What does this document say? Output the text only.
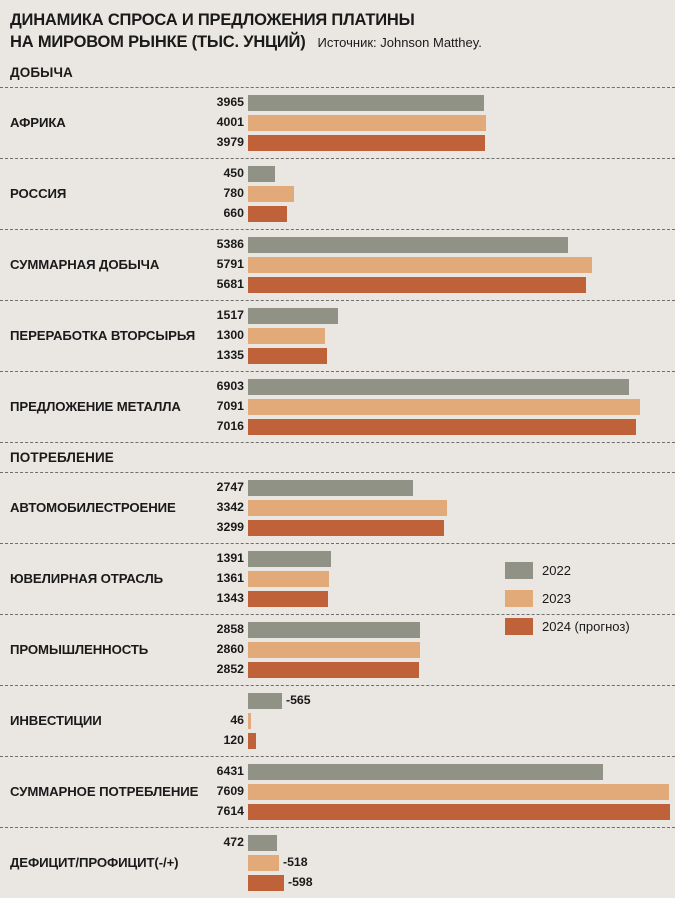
ДИНАМИКА СПРОСА И ПРЕДЛОЖЕНИЯ ПЛАТИНЫ
НА МИРОВОМ РЫНКЕ (ТЫС. УНЦИЙ) Источник: Johnson Matthey.
ДОБЫЧА
АФРИКА
3965
4001
3979
РОССИЯ
450
780
660
СУММАРНАЯ ДОБЫЧА
5386
5791
5681
ПЕРЕРАБОТКА ВТОРСЫРЬЯ
1517
1300
1335
ПРЕДЛОЖЕНИЕ МЕТАЛЛА
6903
7091
7016
ПОТРЕБЛЕНИЕ
АВТОМОБИЛЕСТРОЕНИЕ
2747
3342
3299
ЮВЕЛИРНАЯ ОТРАСЛЬ
1391
1361
1343
ПРОМЫШЛЕННОСТЬ
2858
2860
2852
ИНВЕСТИЦИИ
-565
46
120
СУММАРНОЕ ПОТРЕБЛЕНИЕ
6431
7609
7614
ДЕФИЦИТ/ПРОФИЦИТ(-/+)
472
-518
-598
2022
2023
2024 (прогноз)
